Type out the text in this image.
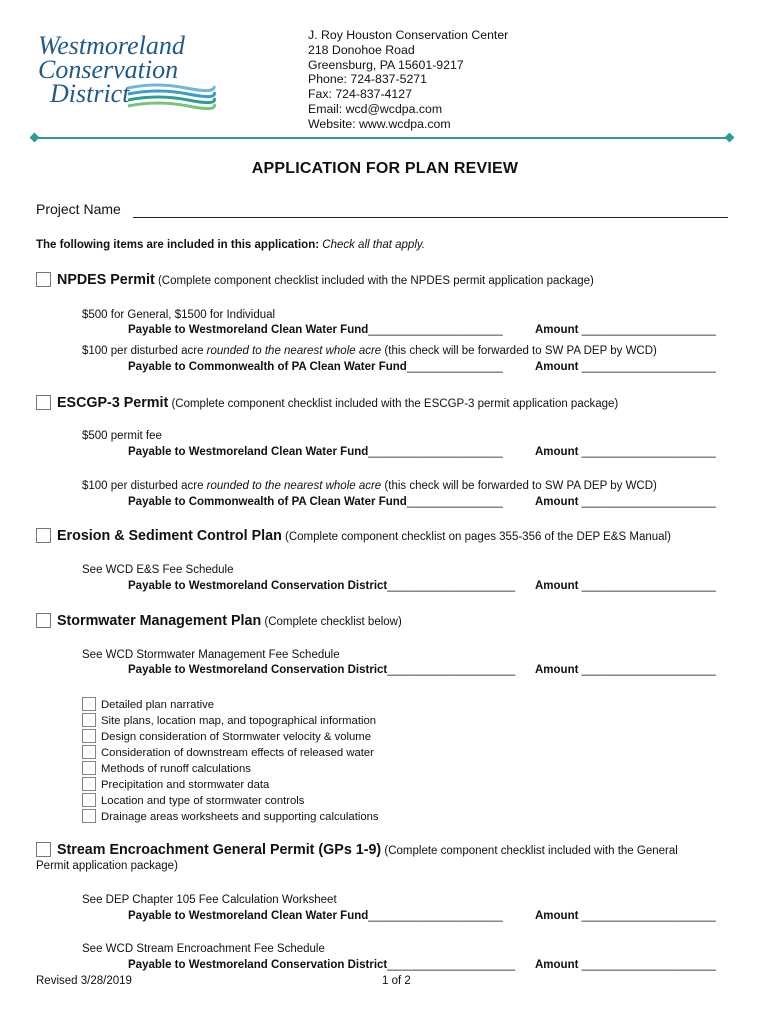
Westmoreland
Conservation
District
J. Roy Houston Conservation Center
218 Donohoe Road
Greensburg, PA 15601-9217
Phone: 724-837-5271
Fax: 724-837-4127
Email: wcd@wcdpa.com
Website: www.wcdpa.com
APPLICATION FOR PLAN REVIEW
Project Name
The following items are included in this application: Check all that apply.
NPDES Permit (Complete component checklist included with the NPDES permit application package)
$500 for General, $1500 for Individual
Payable to Westmoreland Clean Water Fund_____________________	Amount _____________________
$100 per disturbed acre rounded to the nearest whole acre (this check will be forwarded to SW PA DEP by WCD)
Payable to Commonwealth of PA Clean Water Fund_______________	Amount _____________________
ESCGP-3 Permit (Complete component checklist included with the ESCGP-3 permit application package)
$500 permit fee
Payable to Westmoreland Clean Water Fund_____________________	Amount _____________________
$100 per disturbed acre rounded to the nearest whole acre (this check will be forwarded to SW PA DEP by WCD)
Payable to Commonwealth of PA Clean Water Fund_______________	Amount _____________________
Erosion & Sediment Control Plan (Complete component checklist on pages 355-356 of the DEP E&S Manual)
See WCD E&S Fee Schedule
Payable to Westmoreland Conservation District____________________ Amount _____________________
Stormwater Management Plan (Complete checklist below)
See WCD Stormwater Management Fee Schedule
Payable to Westmoreland Conservation District____________________ Amount _____________________
Detailed plan narrative
Site plans, location map, and topographical information
Design consideration of Stormwater velocity & volume
Consideration of downstream effects of released water
Methods of runoff calculations
Precipitation and stormwater data
Location and type of stormwater controls
Drainage areas worksheets and supporting calculations
Stream Encroachment General Permit (GPs 1-9) (Complete component checklist included with the General
Permit application package)
See DEP Chapter 105 Fee Calculation Worksheet
Payable to Westmoreland Clean Water Fund_____________________	Amount _____________________
See WCD Stream Encroachment Fee Schedule
Payable to Westmoreland Conservation District____________________ Amount _____________________
Revised 3/28/2019	1 of 2
